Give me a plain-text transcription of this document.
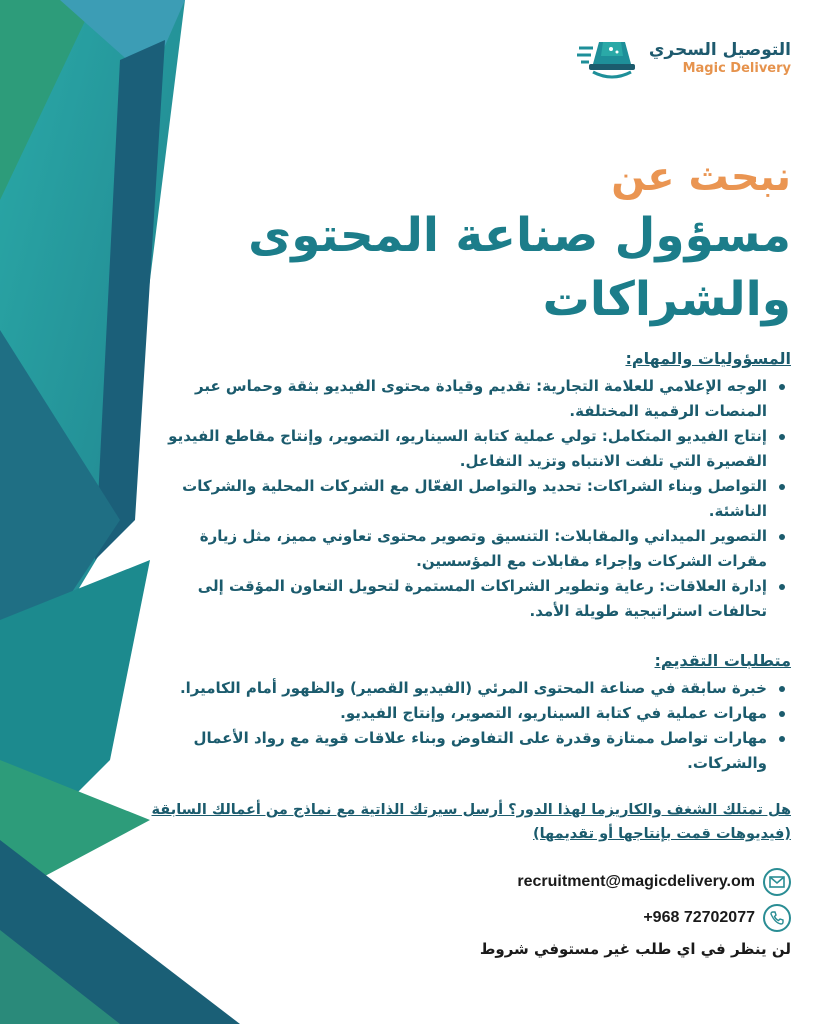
التوصيل السحري
Magic Delivery
نبحث عن
مسؤول صناعة المحتوى
والشراكات
المسؤوليات والمهام:
الوجه الإعلامي للعلامة التجارية: تقديم وقيادة محتوى الفيديو بثقة وحماس عبر المنصات الرقمية المختلفة.
إنتاج الفيديو المتكامل: تولي عملية كتابة السيناريو، التصوير، وإنتاج مقاطع الفيديو القصيرة التي تلفت الانتباه وتزيد التفاعل.
التواصل وبناء الشراكات: تحديد والتواصل الفعّال مع الشركات المحلية والشركات الناشئة.
التصوير الميداني والمقابلات: التنسيق وتصوير محتوى تعاوني مميز، مثل زيارة مقرات الشركات وإجراء مقابلات مع المؤسسين.
إدارة العلاقات: رعاية وتطوير الشراكات المستمرة لتحويل التعاون المؤقت إلى تحالفات استراتيجية طويلة الأمد.
متطلبات التقديم:
خبرة سابقة في صناعة المحتوى المرئي (الفيديو القصير) والظهور أمام الكاميرا.
مهارات عملية في كتابة السيناريو، التصوير، وإنتاج الفيديو.
مهارات تواصل ممتازة وقدرة على التفاوض وبناء علاقات قوية مع رواد الأعمال والشركات.
هل تمتلك الشغف والكاريزما لهذا الدور؟ أرسل سيرتك الذاتية مع نماذج من أعمالك السابقة (فيديوهات قمت بإنتاجها أو تقديمها)
recruitment@magicdelivery.om
+968 72702077
لن ينظر في اي طلب غير مستوفي شروط
